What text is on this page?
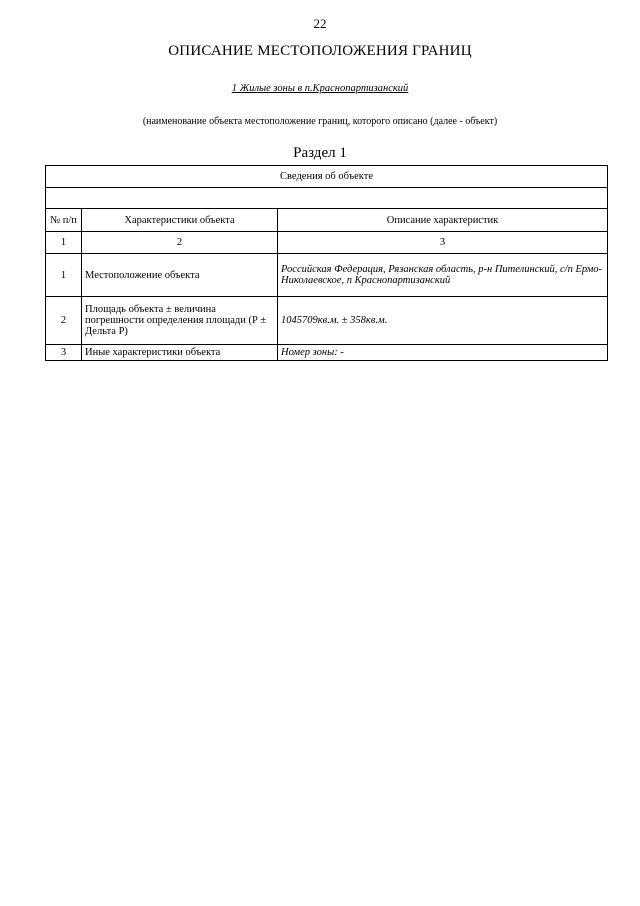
22
ОПИСАНИЕ МЕСТОПОЛОЖЕНИЯ ГРАНИЦ
1 Жилые зоны в п.Краснопартизанский
(наименование объекта местоположение границ, которого описано (далее - объект)
Раздел 1
Сведения об объекте		

№ п/п	Характеристики объекта	Описание характеристик
1	2	3
1	Местоположение объекта	Российская Федерация, Рязанская область, р-н Пителинский, с/п Ермо-Николаевское, п Краснопартизанский
2	Площадь объекта ± величина погрешности определения площади (Р ± Дельта Р)	1045709кв.м. ± 358кв.м.
3	Иные характеристики объекта	Номер зоны: -
